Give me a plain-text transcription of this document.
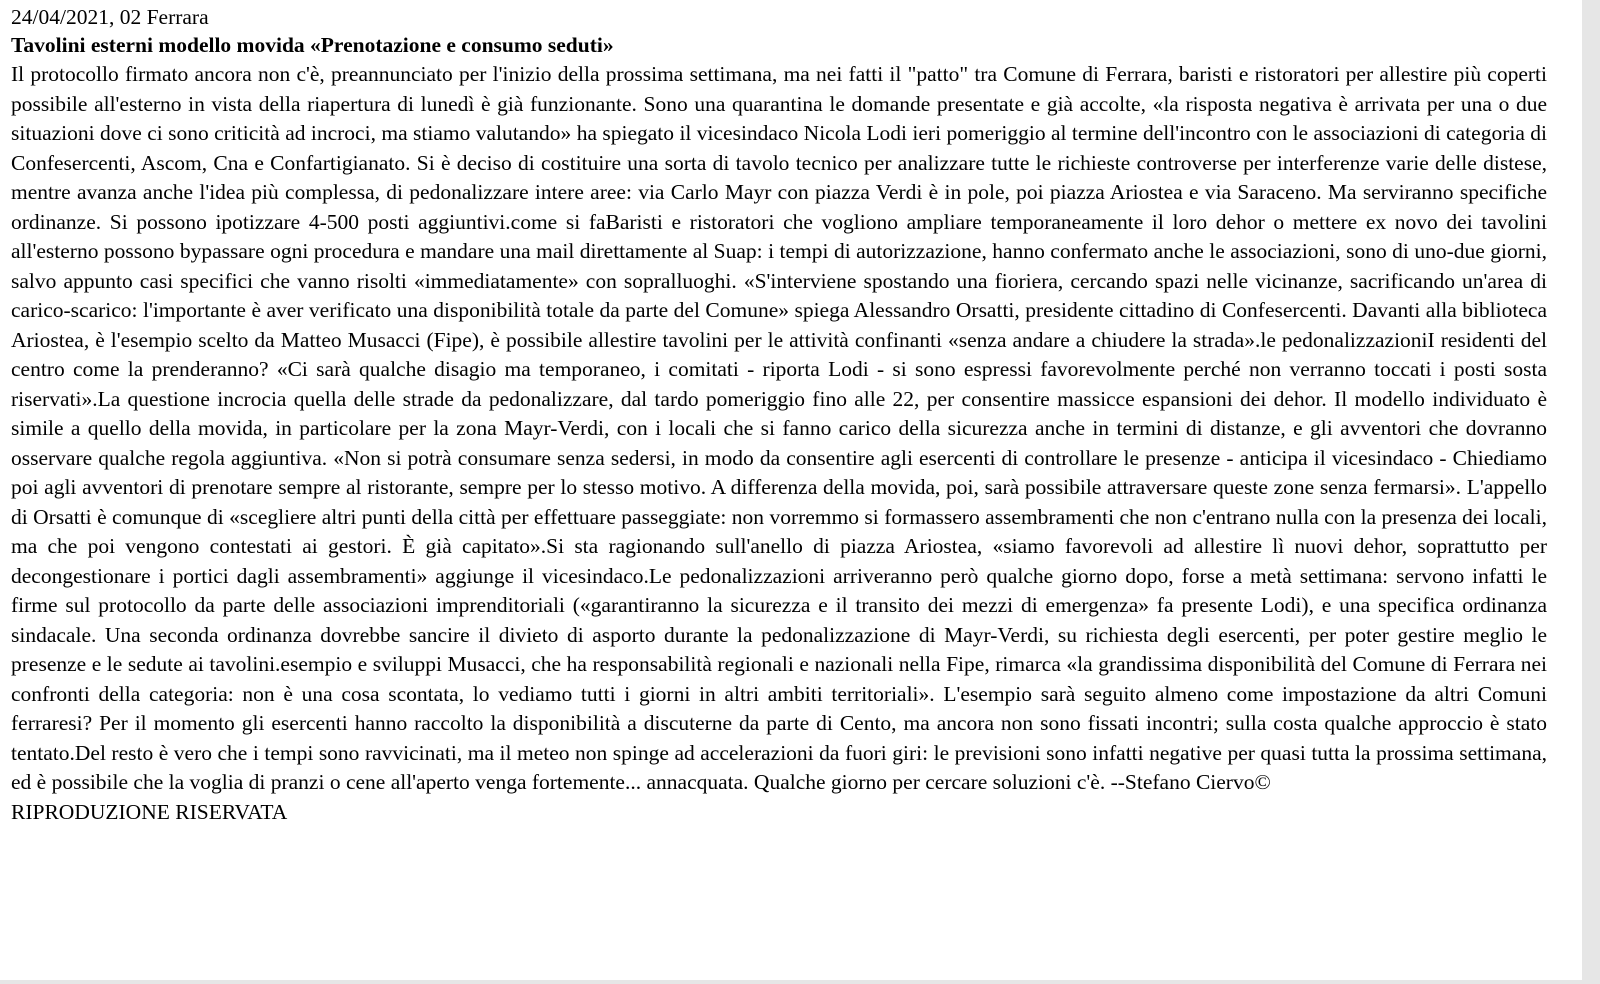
24/04/2021, 02 Ferrara

Tavolini esterni modello movida «Prenotazione e consumo seduti»

Il protocollo firmato ancora non c'è, preannunciato per l'inizio della prossima settimana, ma nei fatti il "patto" tra Comune di Ferrara, baristi e ristoratori per allestire più coperti possibile all'esterno in vista della riapertura di lunedì è già funzionante. Sono una quarantina le domande presentate e già accolte, «la risposta negativa è arrivata per una o due situazioni dove ci sono criticità ad incroci, ma stiamo valutando» ha spiegato il vicesindaco Nicola Lodi ieri pomeriggio al termine dell'incontro con le associazioni di categoria di Confesercenti, Ascom, Cna e Confartigianato. Si è deciso di costituire una sorta di tavolo tecnico per analizzare tutte le richieste controverse per interferenze varie delle distese, mentre avanza anche l'idea più complessa, di pedonalizzare intere aree: via Carlo Mayr con piazza Verdi è in pole, poi piazza Ariostea e via Saraceno. Ma serviranno specifiche ordinanze. Si possono ipotizzare 4-500 posti aggiuntivi.come si faBaristi e ristoratori che vogliono ampliare temporaneamente il loro dehor o mettere ex novo dei tavolini all'esterno possono bypassare ogni procedura e mandare una mail direttamente al Suap: i tempi di autorizzazione, hanno confermato anche le associazioni, sono di uno-due giorni, salvo appunto casi specifici che vanno risolti «immediatamente» con sopralluoghi. «S'interviene spostando una fioriera, cercando spazi nelle vicinanze, sacrificando un'area di carico-scarico: l'importante è aver verificato una disponibilità totale da parte del Comune» spiega Alessandro Orsatti, presidente cittadino di Confesercenti. Davanti alla biblioteca Ariostea, è l'esempio scelto da Matteo Musacci (Fipe), è possibile allestire tavolini per le attività confinanti «senza andare a chiudere la strada».le pedonalizzazioniI residenti del centro come la prenderanno? «Ci sarà qualche disagio ma temporaneo, i comitati - riporta Lodi - si sono espressi favorevolmente perché non verranno toccati i posti sosta riservati».La questione incrocia quella delle strade da pedonalizzare, dal tardo pomeriggio fino alle 22, per consentire massicce espansioni dei dehor. Il modello individuato è simile a quello della movida, in particolare per la zona Mayr-Verdi, con i locali che si fanno carico della sicurezza anche in termini di distanze, e gli avventori che dovranno osservare qualche regola aggiuntiva. «Non si potrà consumare senza sedersi, in modo da consentire agli esercenti di controllare le presenze - anticipa il vicesindaco - Chiediamo poi agli avventori di prenotare sempre al ristorante, sempre per lo stesso motivo. A differenza della movida, poi, sarà possibile attraversare queste zone senza fermarsi». L'appello di Orsatti è comunque di «scegliere altri punti della città per effettuare passeggiate: non vorremmo si formassero assembramenti che non c'entrano nulla con la presenza dei locali, ma che poi vengono contestati ai gestori. È già capitato».Si sta ragionando sull'anello di piazza Ariostea, «siamo favorevoli ad allestire lì nuovi dehor, soprattutto per decongestionare i portici dagli assembramenti» aggiunge il vicesindaco.Le pedonalizzazioni arriveranno però qualche giorno dopo, forse a metà settimana: servono infatti le firme sul protocollo da parte delle associazioni imprenditoriali («garantiranno la sicurezza e il transito dei mezzi di emergenza» fa presente Lodi), e una specifica ordinanza sindacale. Una seconda ordinanza dovrebbe sancire il divieto di asporto durante la pedonalizzazione di Mayr-Verdi, su richiesta degli esercenti, per poter gestire meglio le presenze e le sedute ai tavolini.esempio e sviluppi Musacci, che ha responsabilità regionali e nazionali nella Fipe, rimarca «la grandissima disponibilità del Comune di Ferrara nei confronti della categoria: non è una cosa scontata, lo vediamo tutti i giorni in altri ambiti territoriali». L'esempio sarà seguito almeno come impostazione da altri Comuni ferraresi? Per il momento gli esercenti hanno raccolto la disponibilità a discuterne da parte di Cento, ma ancora non sono fissati incontri; sulla costa qualche approccio è stato tentato.Del resto è vero che i tempi sono ravvicinati, ma il meteo non spinge ad accelerazioni da fuori giri: le previsioni sono infatti negative per quasi tutta la prossima settimana, ed è possibile che la voglia di pranzi o cene all'aperto venga fortemente... annacquata. Qualche giorno per cercare soluzioni c'è. --Stefano Ciervo©

RIPRODUZIONE RISERVATA
